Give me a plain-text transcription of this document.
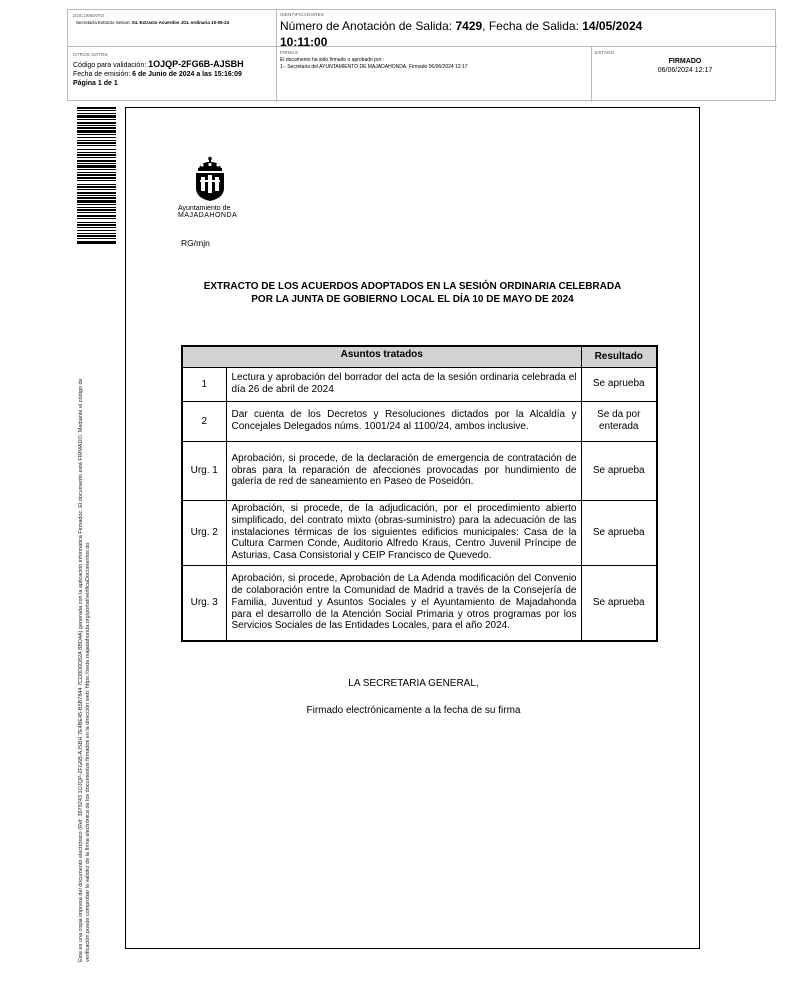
DOCUMENTO
Secretaría Extracto Sesion: 04. Extracto Acuerdos JGL ordinaria 10-05-24
IDENTIFICADORES
Número de Anotación de Salida: 7429, Fecha de Salida: 14/05/2024
10:11:00
OTROS DATOS
Código para validación: 1OJQP-2FG6B-AJSBH
Fecha de emisión: 6 de Junio de 2024 a las 15:16:09
Página 1 de 1
FIRMAS
El documento ha sido firmado o aprobado por :
1.- Secretaria del AYUNTAMIENTO DE MAJADAHONDA. Firmado 06/06/2024 12:17
ESTADO
FIRMADO
06/06/2024 12:17
Este es una copia impresa del documento electrónico (Ref: 3679243 1OJQP-2FG6B-AJSBH 7E4BE45-B5B7844 7CD8D0D82A 8BD4A) generada con la aplicación informática Firmadoc. El documento está FIRMADO. Mediante el código de verificación puede comprobar la validez de la firma electrónica de los documentos firmados en la dirección web: https://sede.majadahonda.org/portal/verificaDocumentos.do
Ayuntamiento de
MAJADAHONDA
RG/mjn
EXTRACTO DE LOS ACUERDOS ADOPTADOS EN LA SESIÓN ORDINARIA CELEBRADA
POR LA JUNTA DE GOBIERNO LOCAL EL DÍA 10 DE MAYO DE 2024
Asuntos tratados		Resultado
1	Lectura y aprobación del borrador del acta de la sesión ordinaria celebrada el día 26 de abril de 2024	Se aprueba
2	Dar cuenta de los Decretos y Resoluciones dictados por la Alcaldía y Concejales Delegados núms. 1001/24 al 1100/24, ambos inclusive.	Se da por enterada
Urg. 1	Aprobación, si procede, de la declaración de emergencia de contratación de obras para la reparación de afecciones provocadas por hundimiento de galería de red de saneamiento en Paseo de Poseidón.	Se aprueba
Urg. 2	Aprobación, si procede, de la adjudicación, por el procedimiento abierto simplificado, del contrato mixto (obras-suministro) para la adecuación de las instalaciones térmicas de los siguientes edificios municipales: Casa de la Cultura Carmen Conde, Auditorio Alfredo Kraus, Centro Juvenil Príncipe de Asturias, Casa Consistorial y CEIP Francisco de Quevedo.	Se aprueba
Urg. 3	Aprobación, si procede, Aprobación de La Adenda modificación del Convenio de colaboración entre la Comunidad de Madrid a través de la Consejería de Familia, Juventud y Asuntos Sociales y el Ayuntamiento de Majadahonda para el desarrollo de la Atención Social Primaria y otros programas por los Servicios Sociales de las Entidades Locales, para el año 2024.	Se aprueba
LA SECRETARIA GENERAL,
Firmado electrónicamente a la fecha de su firma
